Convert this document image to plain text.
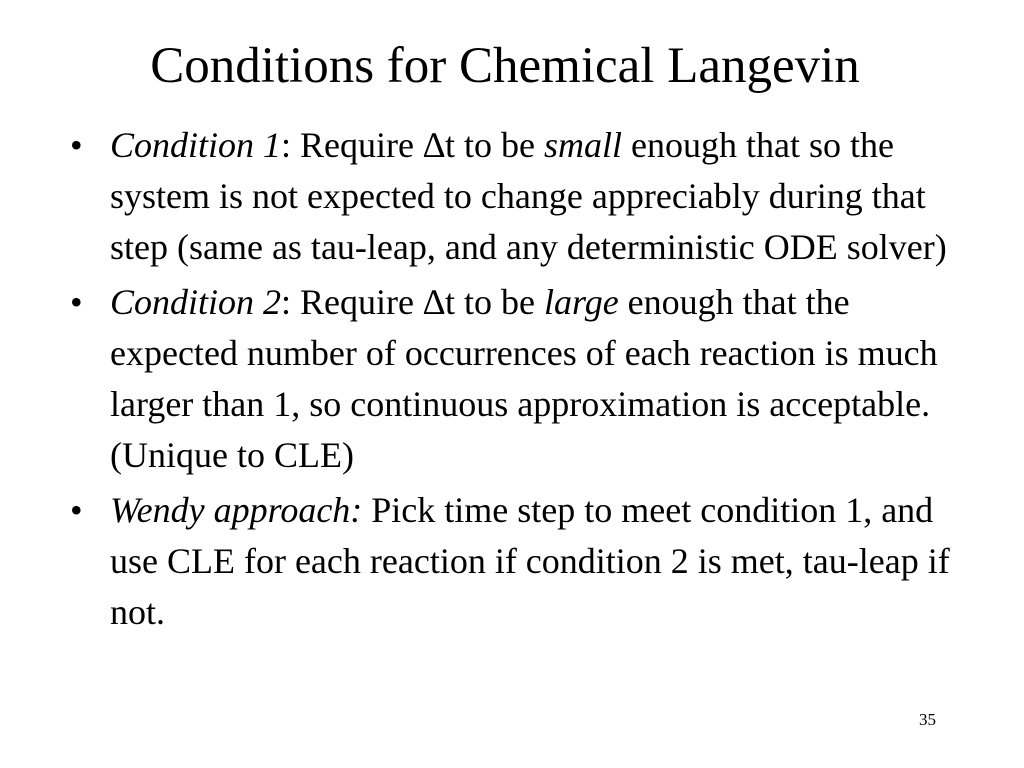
Conditions for Chemical Langevin
• Condition 1: Require ∆t to be small enough that so the system is not expected to change appreciably during that step (same as tau-leap, and any deterministic ODE solver)
• Condition 2: Require ∆t to be large enough that the expected number of occurrences of each reaction is much larger than 1, so continuous approximation is acceptable. (Unique to CLE)
• Wendy approach: Pick time step to meet condition 1, and use CLE for each reaction if condition 2 is met, tau-leap if not.
35
